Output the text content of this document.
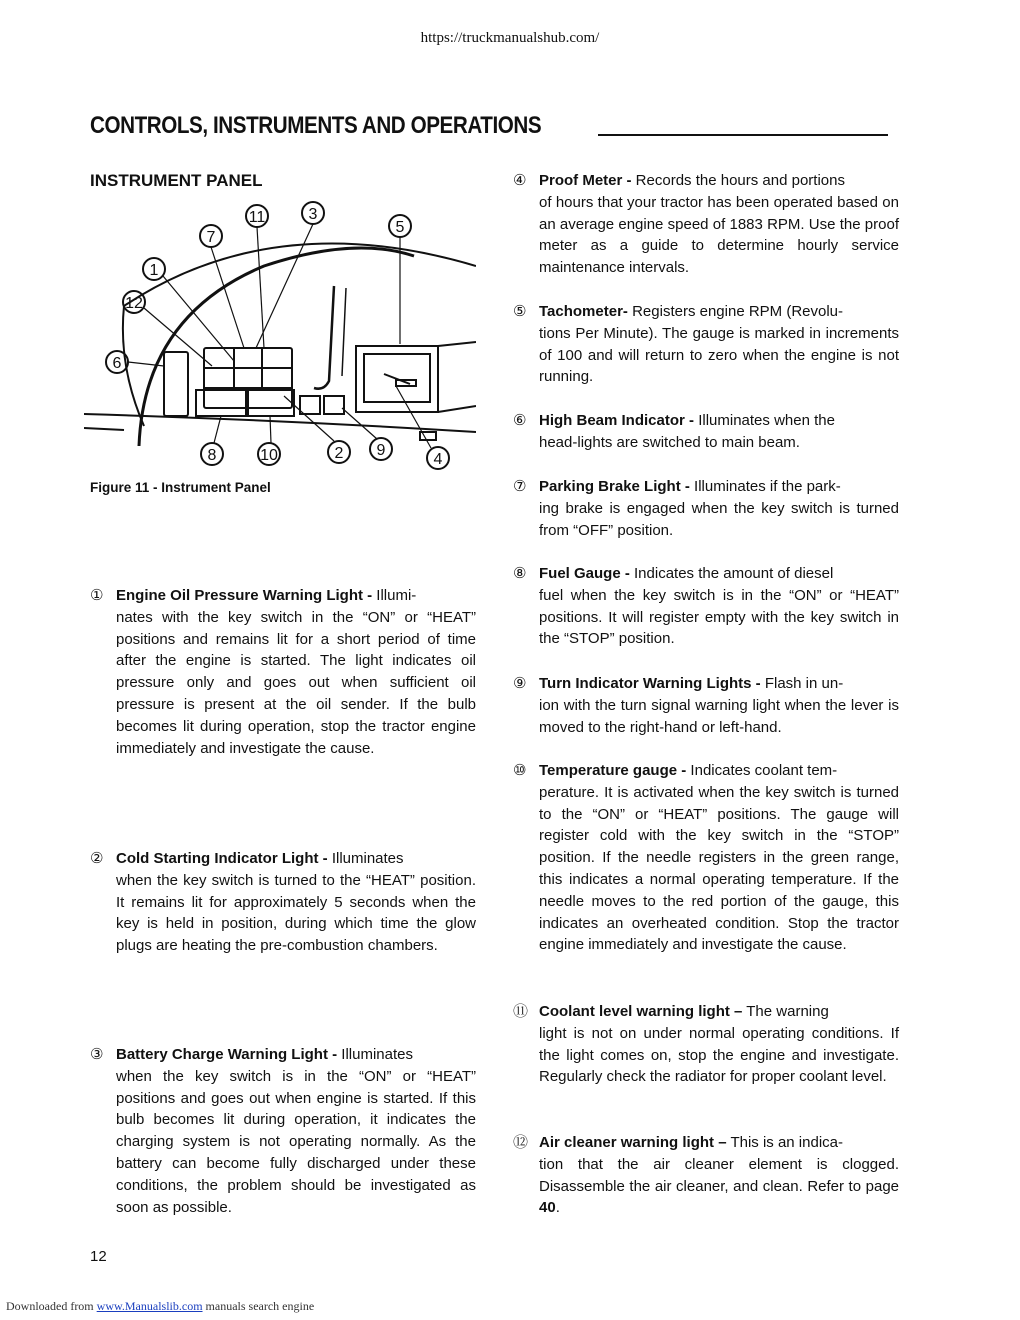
https://truckmanualshub.com/
CONTROLS, INSTRUMENTS AND OPERATIONS
INSTRUMENT PANEL
11	3
7
5
1
12
6
8	10	2 9
4
Figure 11 - Instrument Panel
① Engine Oil Pressure Warning Light - Illumi-
nates with the key switch in the “ON” or “HEAT” positions and remains lit for a short period of time after the engine is started. The light indicates oil pressure only and goes out when sufficient oil pressure is present at the oil sender. If the bulb becomes lit during operation, stop the tractor engine immediately and investigate the cause.
② Cold Starting Indicator Light - Illuminates
when the key switch is turned to the “HEAT” position. It remains lit for approximately 5 seconds when the key is held in position, during which time the glow plugs are heating the pre-combustion chambers.
③ Battery Charge Warning Light - Illuminates
when the key switch is in the “ON” or “HEAT” positions and goes out when engine is started. If this bulb becomes lit during operation, it indicates the charging system is not operating normally. As the battery can become fully discharged under these conditions, the problem should be investigated as soon as possible.
④ Proof Meter - Records the hours and portions
of hours that your tractor has been operated based on an average engine speed of 1883 RPM. Use the proof meter as a guide to determine hourly service maintenance intervals.
⑤ Tachometer- Registers engine RPM (Revolu-
tions Per Minute). The gauge is marked in increments of 100 and will return to zero when the engine is not running.
⑥ High Beam Indicator - Illuminates when the
head-lights are switched to main beam.
⑦ Parking Brake Light - Illuminates if the park-
ing brake is engaged when the key switch is turned from “OFF” position.
⑧ Fuel Gauge - Indicates the amount of diesel
fuel when the key switch is in the “ON” or “HEAT” positions. It will register empty with the key switch in the “STOP” position.
⑨ Turn Indicator Warning Lights - Flash in un-
ion with the turn signal warning light when the lever is moved to the right-hand or left-hand.
⑩ Temperature gauge - Indicates coolant tem-
perature. It is activated when the key switch is turned to the “ON” or “HEAT” positions. The gauge will register cold with the key switch in the “STOP” position. If the needle registers in the green range, this indicates a normal operating temperature. If the needle moves to the red portion of the gauge, this indicates an overheated condition. Stop the tractor engine immediately and investigate the cause.
⑪ Coolant level warning light – The warning
light is not on under normal operating conditions. If the light comes on, stop the engine and investigate. Regularly check the radiator for proper coolant level.
⑫ Air cleaner warning light – This is an indica-
tion that the air cleaner element is clogged. Disassemble the air cleaner, and clean. Refer to page 40.
12
Downloaded from www.Manualslib.com manuals search engine
